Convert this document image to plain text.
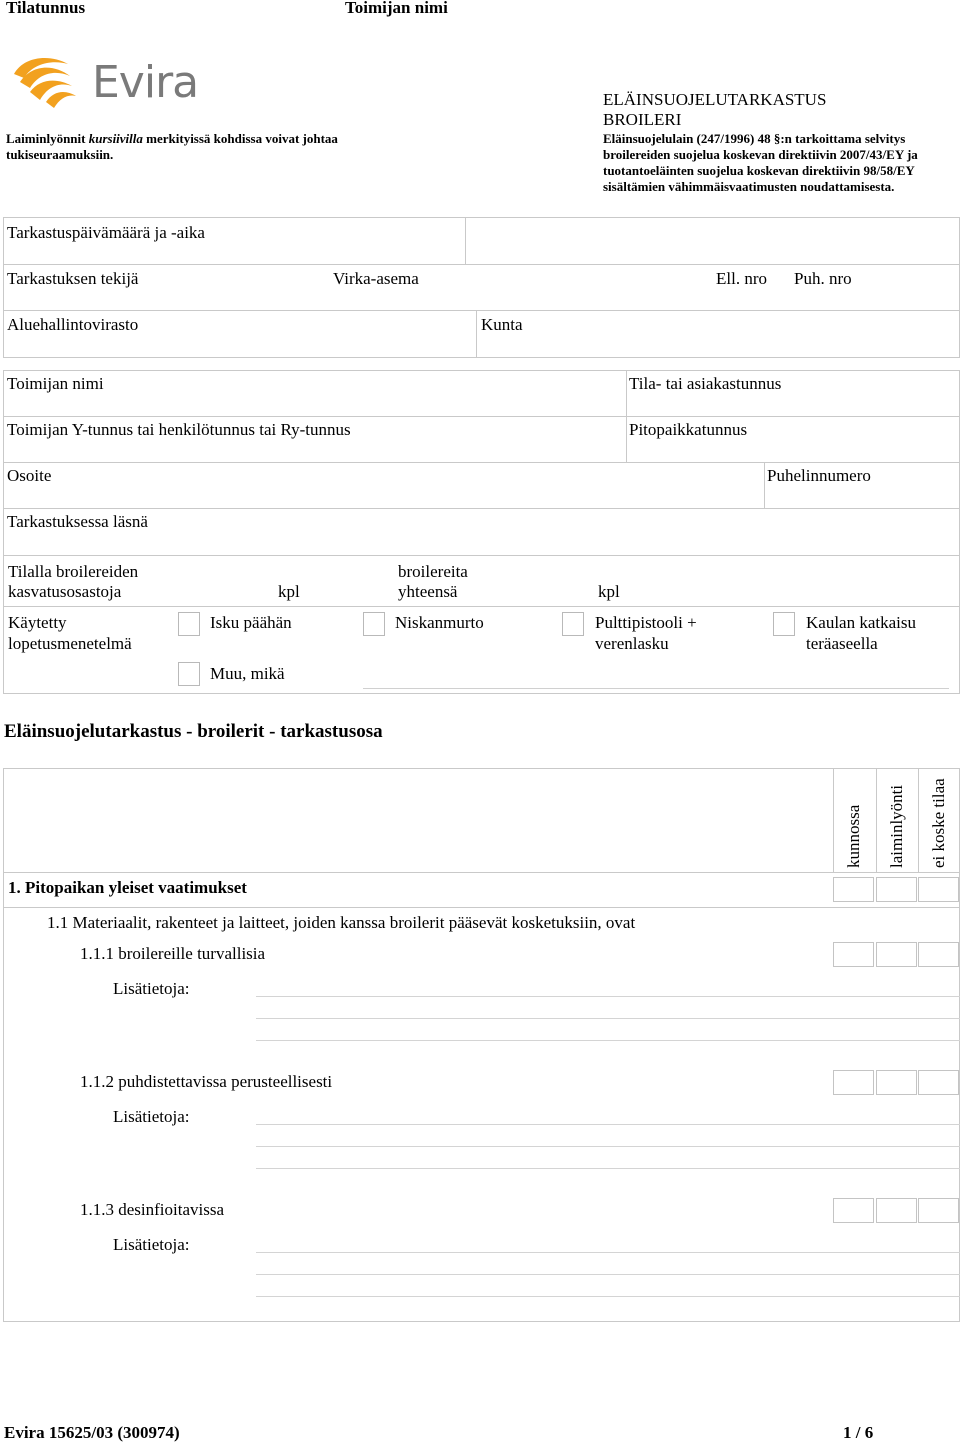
Tilatunnus	Toimijan nimi
Evira
Laiminlyönnit kursiivilla merkityissä kohdissa voivat johtaa
tukiseuraamuksiin.
ELÄINSUOJELUTARKASTUS
BROILERI
Eläinsuojelulain (247/1996) 48 §:n tarkoittama selvitys
broilereiden suojelua koskevan direktiivin 2007/43/EY ja
tuotantoeläinten suojelua koskevan direktiivin 98/58/EY
sisältämien vähimmäisvaatimusten noudattamisesta.
Tarkastuspäivämäärä ja -aika
Tarkastuksen tekijä	Virka-asema	Ell. nro Puh. nro
Aluehallintovirasto	Kunta
Toimijan nimi	Tila- tai asiakastunnus
Toimijan Y-tunnus tai henkilötunnus tai Ry-tunnus	Pitopaikkatunnus
Osoite	Puhelinnumero
Tarkastuksessa läsnä
Tilalla broilereiden
kasvatusosastoja	kpl
broilereita
yhteensä	kpl
Käytetty
lopetusmenetelmä
Isku päähän	Niskanmurto	Pulttipistooli +
verenlasku
Kaulan katkaisu
teräaseella
Muu, mikä
Eläinsuojelutarkastus - broilerit - tarkastusosa
kunnossa laiminlyönti ei koske tilaa
1. Pitopaikan yleiset vaatimukset
1.1 Materiaalit, rakenteet ja laitteet, joiden kanssa broilerit pääsevät kosketuksiin, ovat
1.1.1 broilereille turvallisia
Lisätietoja:
1.1.2 puhdistettavissa perusteellisesti
Lisätietoja:
1.1.3 desinfioitavissa
Lisätietoja:
Evira 15625/03 (300974)	1 / 6
